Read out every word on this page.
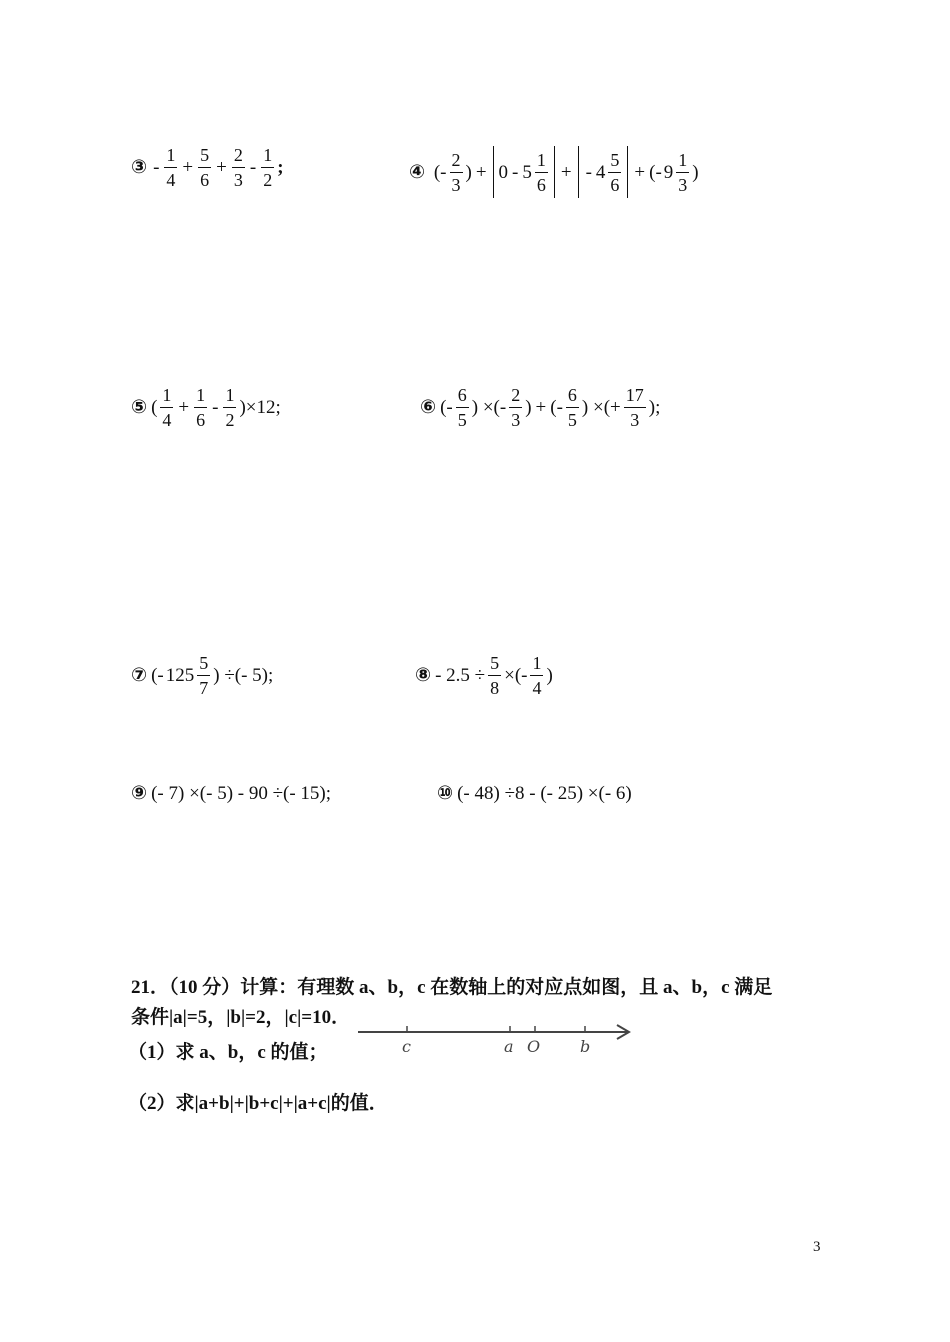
③ -
1
4
+ $\frac{5}{6} + \frac{2}{3}$ -
1
2
;	④ (-
2
3
) + 0 - 5
1
6
+ - 4
5
6
+ (- 9
1
3
)
⑤ (
1
4
+ $\frac{1}{6}$ -
1
2
)×12;	⑥ (-
6
5
) ×(-
2
3
) + (-
6
5
) ×(+ $\frac{17}{3}$ );
⑦ (- 125
5
7
) ÷(- 5);	⑧ - $2.5 \div \frac{5}{8}$ ×(-
1
4
)
⑨ (- 7) ×(- 5) - 90 ÷(- 15);	⑩ (- 48) ÷8 - (- 25) ×(- 6)
21．（10 分）计算：有理数 a、b，c 在数轴上的对应点如图，且 a、b，c 满足
条件|a|=5，|b|=2，|c|=10．
（1）求 a、b，c 的值；
（2）求|a+b|+|b+c|+|a+c|的值．
c	a O b
3
